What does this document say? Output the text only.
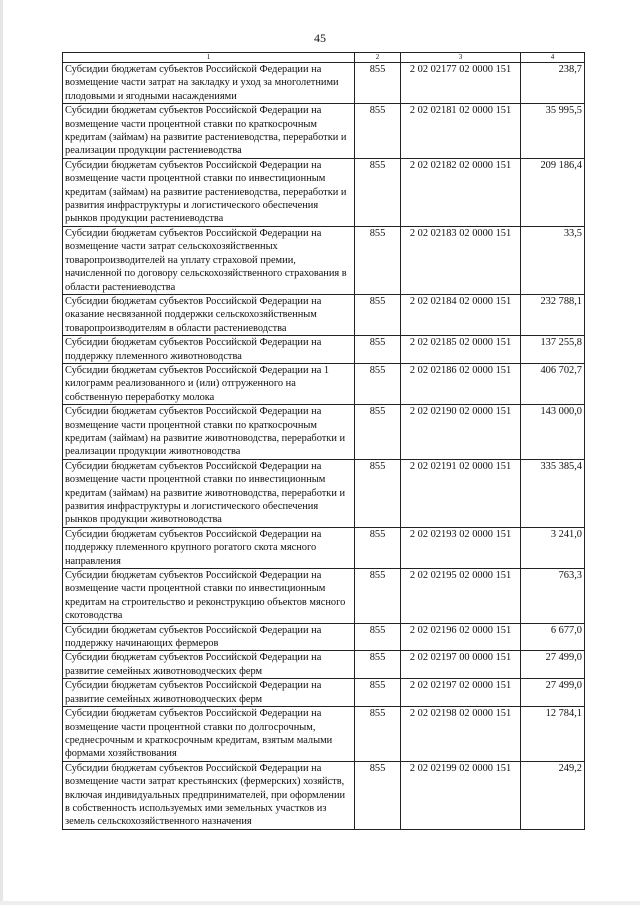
45
1	2	3	4
Субсидии бюджетам субъектов Российской Федерации на возмещение части затрат на закладку и уход за многолетними плодовыми и ягодными насаждениями	855	2 02 02177 02 0000 151	238,7
Субсидии бюджетам субъектов Российской Федерации на возмещение части процентной ставки по краткосрочным кредитам (займам) на развитие растениеводства, переработки и реализации продукции растениеводства	855	2 02 02181 02 0000 151	35 995,5
Субсидии бюджетам субъектов Российской Федерации на возмещение части процентной ставки по инвестиционным кредитам (займам) на развитие растениеводства, переработки и развития инфраструктуры и логистического обеспечения рынков продукции растениеводства	855	2 02 02182 02 0000 151	209 186,4
Субсидии бюджетам субъектов Российской Федерации на возмещение части затрат сельскохозяйственных товаропроизводителей на уплату страховой премии, начисленной по договору сельскохозяйственного страхования в области растениеводства	855	2 02 02183 02 0000 151	33,5
Субсидии бюджетам субъектов Российской Федерации на оказание несвязанной поддержки сельскохозяйственным товаропроизводителям в области растениеводства	855	2 02 02184 02 0000 151	232 788,1
Субсидии бюджетам субъектов Российской Федерации на поддержку племенного животноводства	855	2 02 02185 02 0000 151	137 255,8
Субсидии бюджетам субъектов Российской Федерации на 1 килограмм реализованного и (или) отгруженного на собственную переработку молока	855	2 02 02186 02 0000 151	406 702,7
Субсидии бюджетам субъектов Российской Федерации на возмещение части процентной ставки по краткосрочным кредитам (займам) на развитие животноводства, переработки и реализации продукции животноводства	855	2 02 02190 02 0000 151	143 000,0
Субсидии бюджетам субъектов Российской Федерации на возмещение части процентной ставки по инвестиционным кредитам (займам) на развитие животноводства, переработки и развития инфраструктуры и логистического обеспечения рынков продукции животноводства	855	2 02 02191 02 0000 151	335 385,4
Субсидии бюджетам субъектов Российской Федерации на поддержку племенного крупного рогатого скота мясного направления	855	2 02 02193 02 0000 151	3 241,0
Субсидии бюджетам субъектов Российской Федерации на возмещение части процентной ставки по инвестиционным кредитам на строительство и реконструкцию объектов мясного скотоводства	855	2 02 02195 02 0000 151	763,3
Субсидии бюджетам субъектов Российской Федерации на поддержку начинающих фермеров	855	2 02 02196 02 0000 151	6 677,0
Субсидии бюджетам субъектов Российской Федерации на развитие семейных животноводческих ферм	855	2 02 02197 00 0000 151	27 499,0
Субсидии бюджетам субъектов Российской Федерации на развитие семейных животноводческих ферм	855	2 02 02197 02 0000 151	27 499,0
Субсидии бюджетам субъектов Российской Федерации на возмещение части процентной ставки по долгосрочным, среднесрочным и краткосрочным кредитам, взятым малыми формами хозяйствования	855	2 02 02198 02 0000 151	12 784,1
Субсидии бюджетам субъектов Российской Федерации на возмещение части затрат крестьянских (фермерских) хозяйств, включая индивидуальных предпринимателей, при оформлении в собственность используемых ими земельных участков из земель сельскохозяйственного назначения	855	2 02 02199 02 0000 151	249,2
